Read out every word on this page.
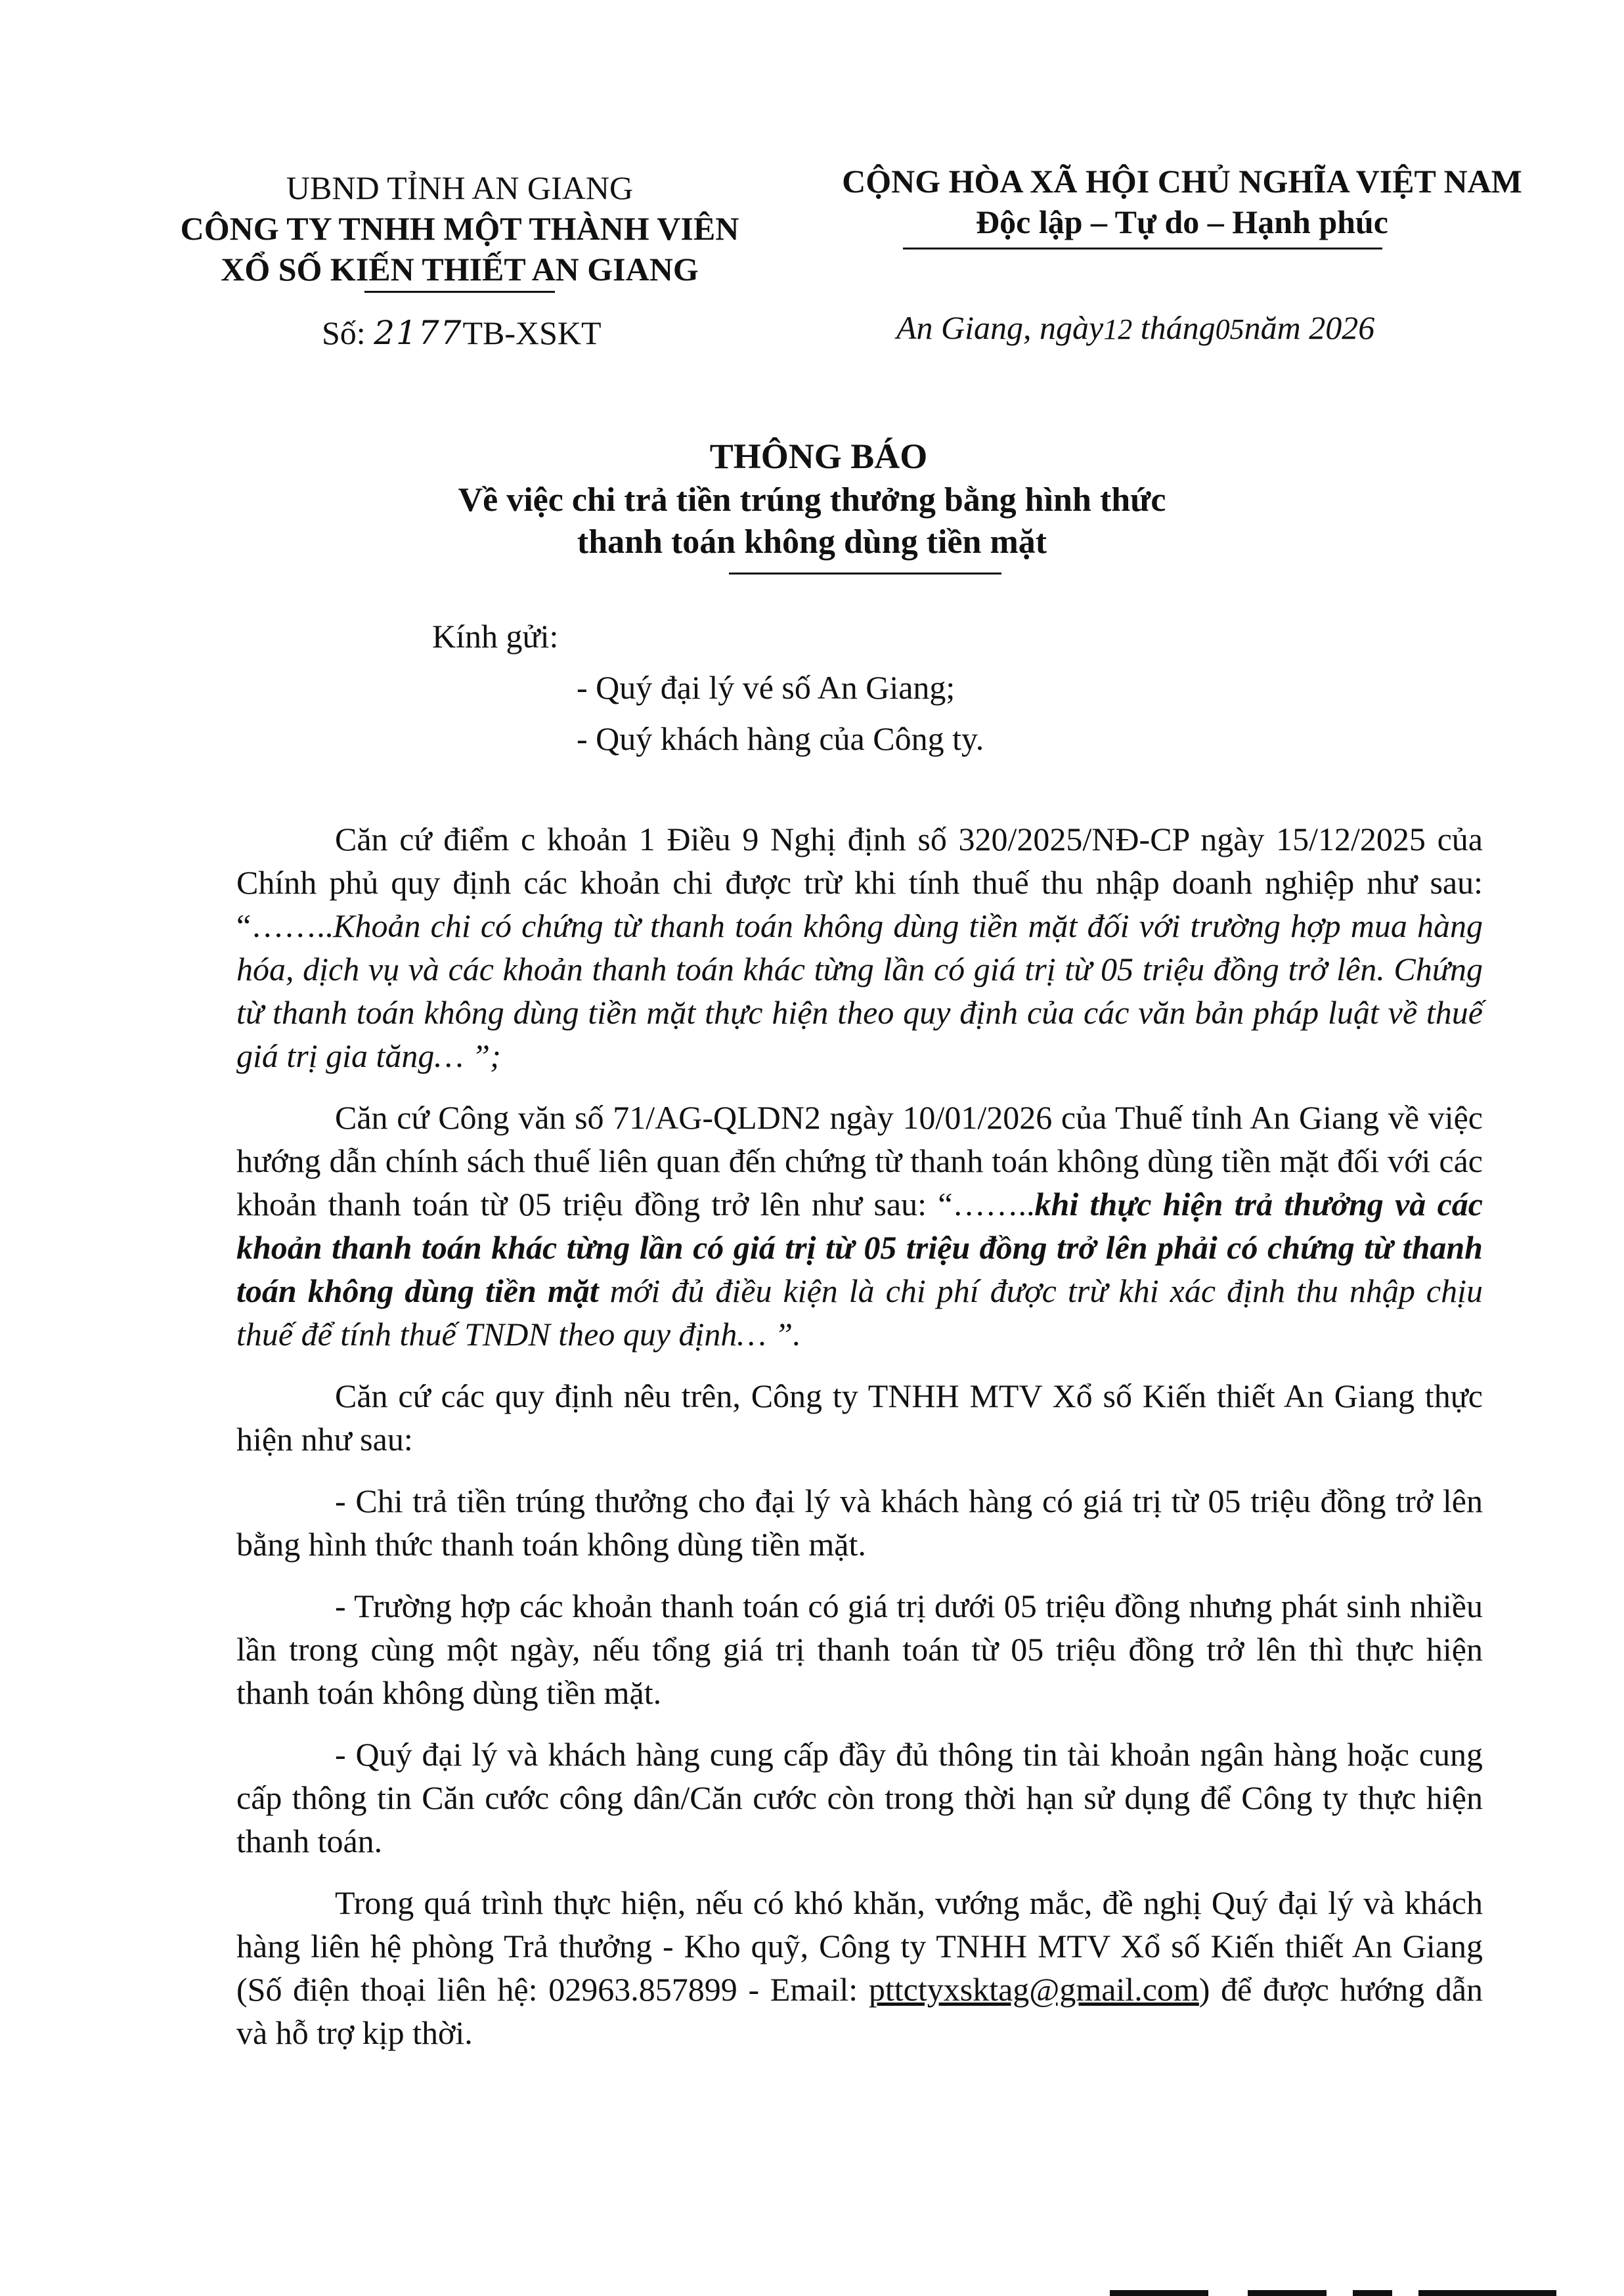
UBND TỈNH AN GIANG
CÔNG TY TNHH MỘT THÀNH VIÊN
XỔ SỐ KIẾN THIẾT AN GIANG
Số: 2177TB-XSKT
CỘNG HÒA XÃ HỘI CHỦ NGHĨA VIỆT NAM
Độc lập – Tự do – Hạnh phúc
An Giang, ngày12 tháng05năm 2026
THÔNG BÁO
Về việc chi trả tiền trúng thưởng bằng hình thức
thanh toán không dùng tiền mặt
Kính gửi:
- Quý đại lý vé số An Giang;
- Quý khách hàng của Công ty.

Căn cứ điểm c khoản 1 Điều 9 Nghị định số 320/2025/NĐ-CP ngày 15/12/2025 của Chính phủ quy định các khoản chi được trừ khi tính thuế thu nhập doanh nghiệp như sau: “……..Khoản chi có chứng từ thanh toán không dùng tiền mặt đối với trường hợp mua hàng hóa, dịch vụ và các khoản thanh toán khác từng lần có giá trị từ 05 triệu đồng trở lên. Chứng từ thanh toán không dùng tiền mặt thực hiện theo quy định của các văn bản pháp luật về thuế giá trị gia tăng… ”;

Căn cứ Công văn số 71/AG-QLDN2 ngày 10/01/2026 của Thuế tỉnh An Giang về việc hướng dẫn chính sách thuế liên quan đến chứng từ thanh toán không dùng tiền mặt đối với các khoản thanh toán từ 05 triệu đồng trở lên như sau: “……..khi thực hiện trả thưởng và các khoản thanh toán khác từng lần có giá trị từ 05 triệu đồng trở lên phải có chứng từ thanh toán không dùng tiền mặt mới đủ điều kiện là chi phí được trừ khi xác định thu nhập chịu thuế để tính thuế TNDN theo quy định… ”.

Căn cứ các quy định nêu trên, Công ty TNHH MTV Xổ số Kiến thiết An Giang thực hiện như sau:

- Chi trả tiền trúng thưởng cho đại lý và khách hàng có giá trị từ 05 triệu đồng trở lên bằng hình thức thanh toán không dùng tiền mặt.

- Trường hợp các khoản thanh toán có giá trị dưới 05 triệu đồng nhưng phát sinh nhiều lần trong cùng một ngày, nếu tổng giá trị thanh toán từ 05 triệu đồng trở lên thì thực hiện thanh toán không dùng tiền mặt.

- Quý đại lý và khách hàng cung cấp đầy đủ thông tin tài khoản ngân hàng hoặc cung cấp thông tin Căn cước công dân/Căn cước còn trong thời hạn sử dụng để Công ty thực hiện thanh toán.

Trong quá trình thực hiện, nếu có khó khăn, vướng mắc, đề nghị Quý đại lý và khách hàng liên hệ phòng Trả thưởng - Kho quỹ, Công ty TNHH MTV Xổ số Kiến thiết An Giang (Số điện thoại liên hệ: 02963.857899 - Email: pttctyxsktag@gmail.com) để được hướng dẫn và hỗ trợ kịp thời.
